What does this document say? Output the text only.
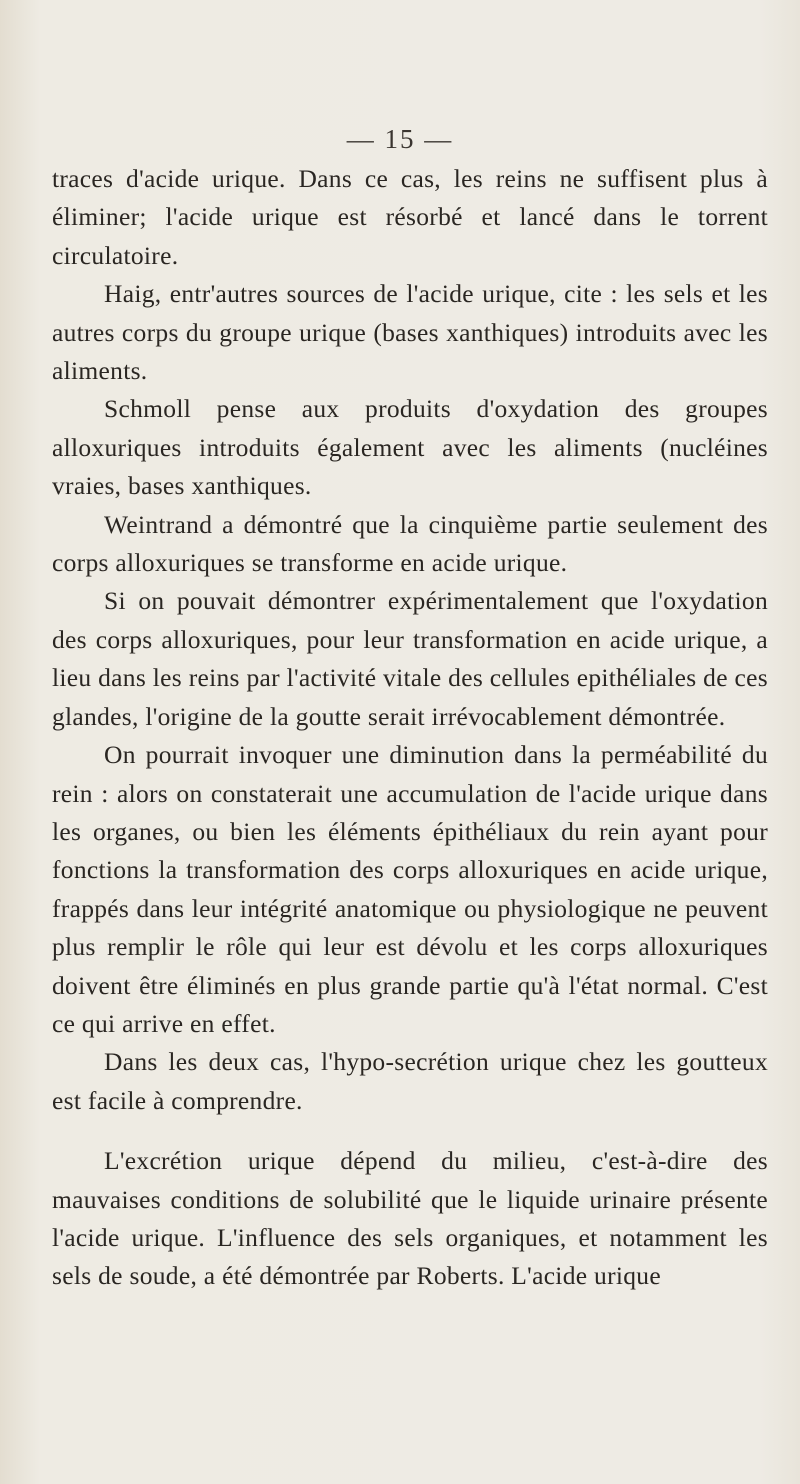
— 15 —

traces d'acide urique. Dans ce cas, les reins ne suffisent plus à éliminer; l'acide urique est résorbé et lancé dans le torrent circulatoire.

Haig, entr'autres sources de l'acide urique, cite : les sels et les autres corps du groupe urique (bases xanthiques) introduits avec les aliments.

Schmoll pense aux produits d'oxydation des groupes alloxuriques introduits également avec les aliments (nucléines vraies, bases xanthiques.

Weintrand a démontré que la cinquième partie seulement des corps alloxuriques se transforme en acide urique.

Si on pouvait démontrer expérimentalement que l'oxydation des corps alloxuriques, pour leur transformation en acide urique, a lieu dans les reins par l'activité vitale des cellules epithéliales de ces glandes, l'origine de la goutte serait irrévocablement démontrée.

On pourrait invoquer une diminution dans la perméabilité du rein : alors on constaterait une accumulation de l'acide urique dans les organes, ou bien les éléments épithéliaux du rein ayant pour fonctions la transformation des corps alloxuriques en acide urique, frappés dans leur intégrité anatomique ou physiologique ne peuvent plus remplir le rôle qui leur est dévolu et les corps alloxuriques doivent être éliminés en plus grande partie qu'à l'état normal. C'est ce qui arrive en effet.

Dans les deux cas, l'hypo-secrétion urique chez les goutteux est facile à comprendre.

L'excrétion urique dépend du milieu, c'est-à-dire des mauvaises conditions de solubilité que le liquide urinaire présente l'acide urique. L'influence des sels organiques, et notamment les sels de soude, a été démontrée par Roberts. L'acide urique
